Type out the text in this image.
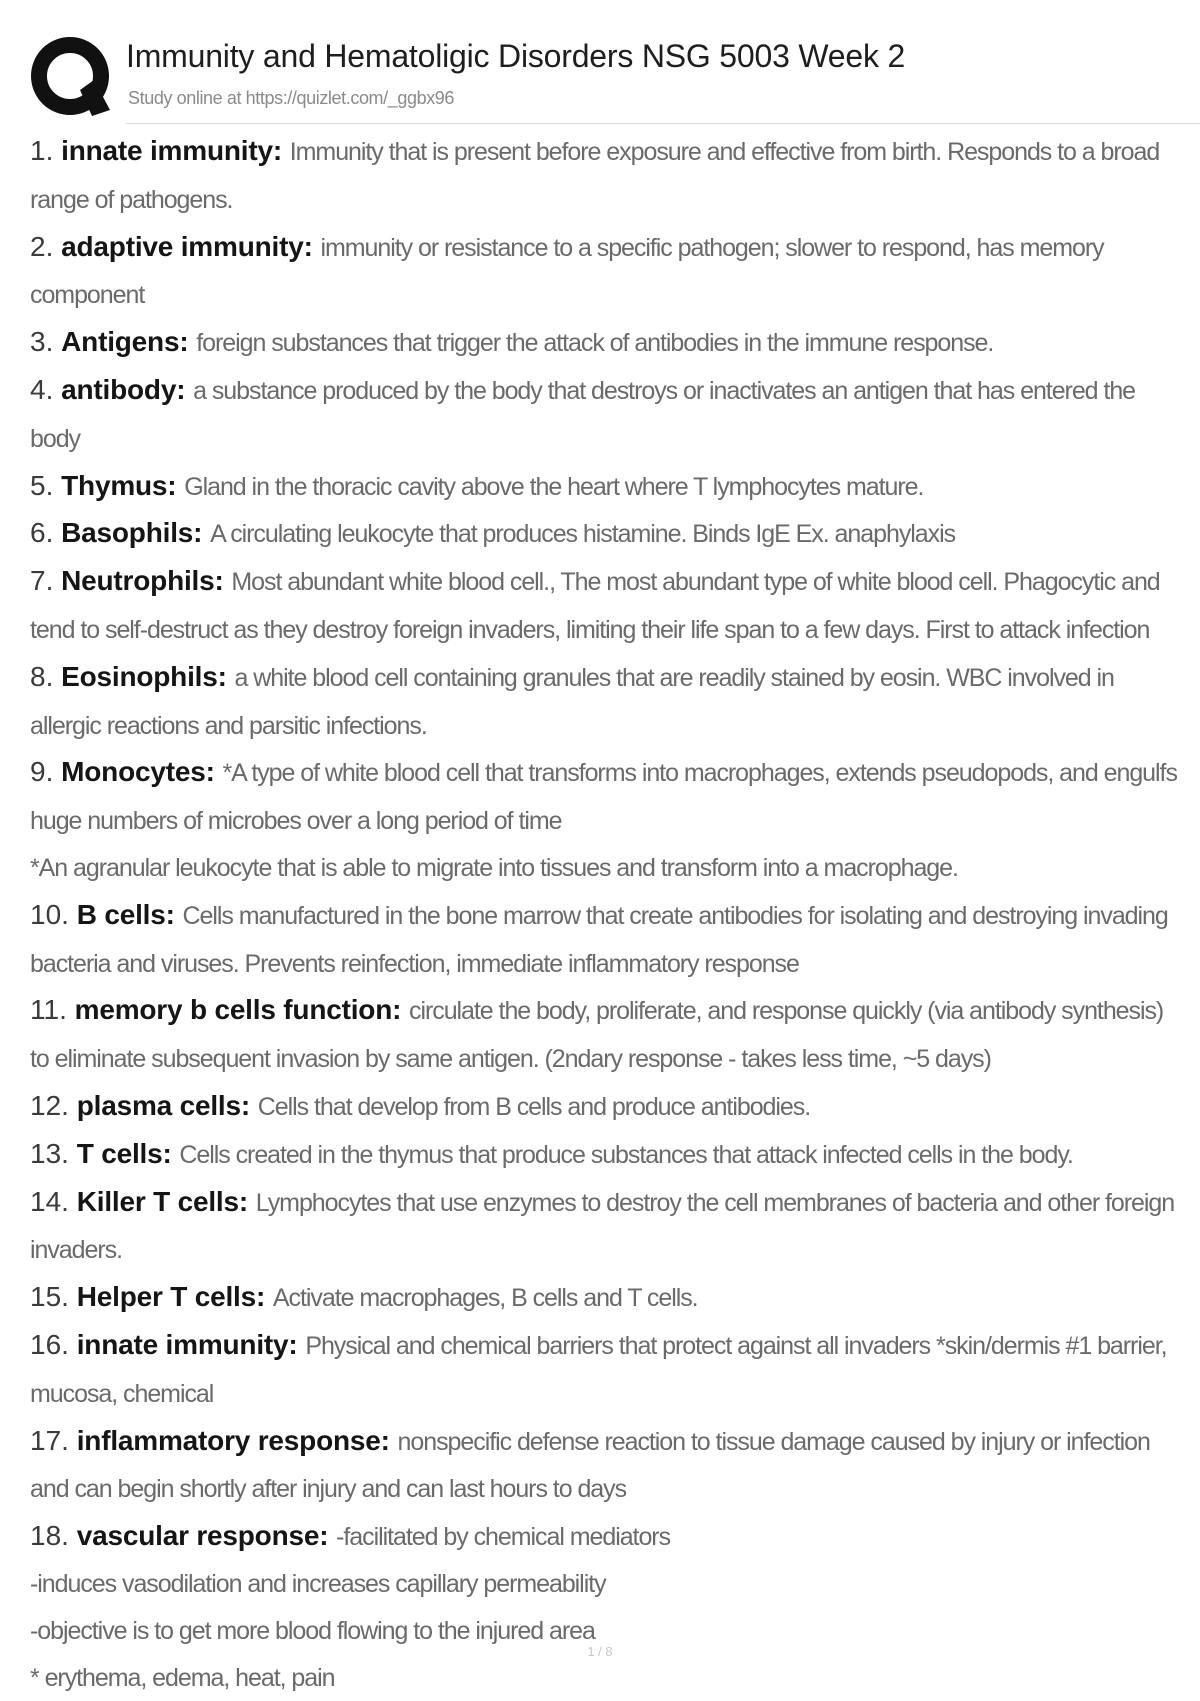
Immunity and Hematoligic Disorders NSG 5003 Week 2
Study online at https://quizlet.com/_ggbx96
1. innate immunity: Immunity that is present before exposure and effective from birth. Responds to a broad range of pathogens.
2. adaptive immunity: immunity or resistance to a specific pathogen; slower to respond, has memory component
3. Antigens: foreign substances that trigger the attack of antibodies in the immune response.
4. antibody: a substance produced by the body that destroys or inactivates an antigen that has entered the body
5. Thymus: Gland in the thoracic cavity above the heart where T lymphocytes mature.
6. Basophils: A circulating leukocyte that produces histamine. Binds IgE Ex. anaphylaxis
7. Neutrophils: Most abundant white blood cell., The most abundant type of white blood cell. Phagocytic and tend to self-destruct as they destroy foreign invaders, limiting their life span to a few days. First to attack infection
8. Eosinophils: a white blood cell containing granules that are readily stained by eosin. WBC involved in allergic reactions and parsitic infections.
9. Monocytes: *A type of white blood cell that transforms into macrophages, extends pseudopods, and engulfs huge numbers of microbes over a long period of time
*An agranular leukocyte that is able to migrate into tissues and transform into a macrophage.
10. B cells: Cells manufactured in the bone marrow that create antibodies for isolating and destroying invading bacteria and viruses. Prevents reinfection, immediate inflammatory response
11. memory b cells function: circulate the body, proliferate, and response quickly (via antibody synthesis) to eliminate subsequent invasion by same antigen. (2ndary response - takes less time, ~5 days)
12. plasma cells: Cells that develop from B cells and produce antibodies.
13. T cells: Cells created in the thymus that produce substances that attack infected cells in the body.
14. Killer T cells: Lymphocytes that use enzymes to destroy the cell membranes of bacteria and other foreign invaders.
15. Helper T cells: Activate macrophages, B cells and T cells.
16. innate immunity: Physical and chemical barriers that protect against all invaders *skin/dermis #1 barrier, mucosa, chemical
17. inflammatory response: nonspecific defense reaction to tissue damage caused by injury or infection and can begin shortly after injury and can last hours to days
18. vascular response: -facilitated by chemical mediators
-induces vasodilation and increases capillary permeability
-objective is to get more blood flowing to the injured area
* erythema, edema, heat, pain
1 / 8
